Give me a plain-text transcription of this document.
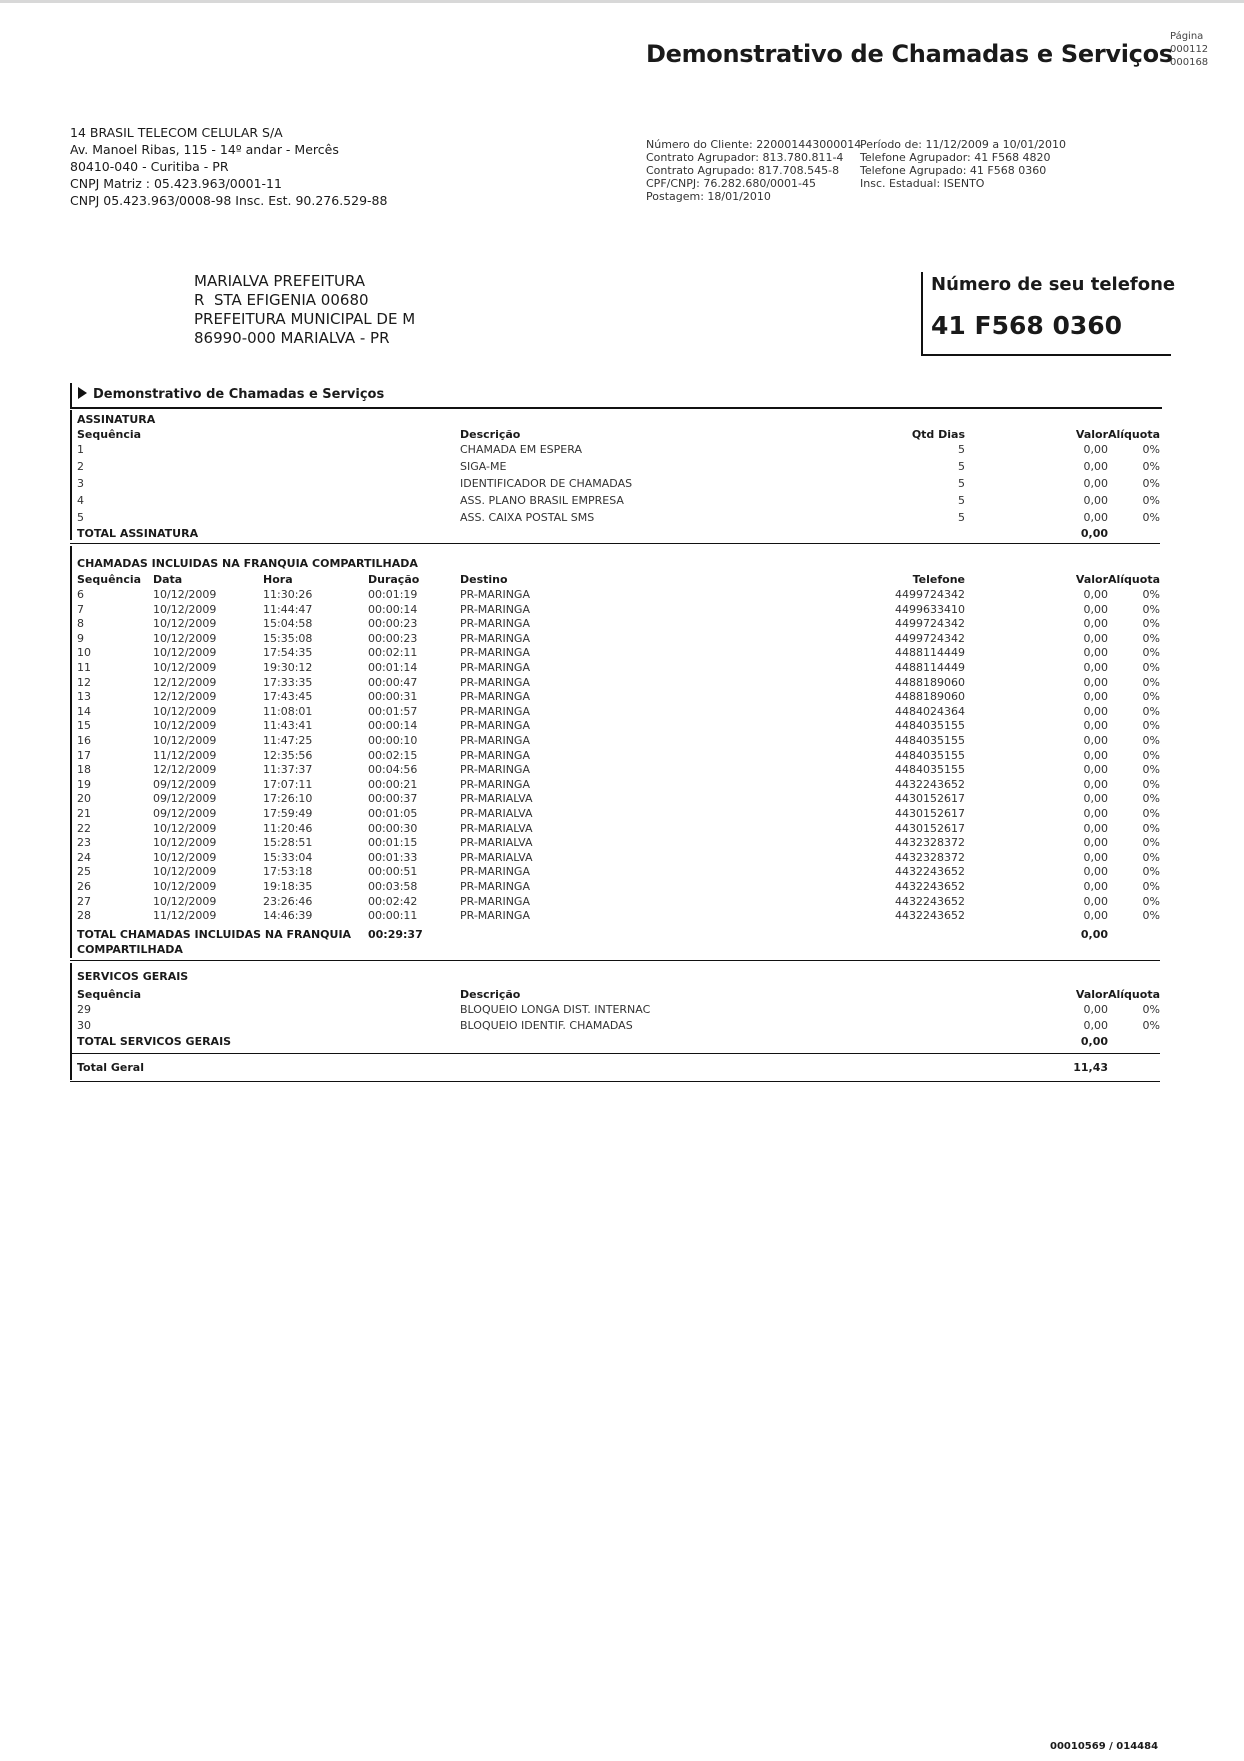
Demonstrativo de Chamadas e Serviços
Página
000112
000168
14 BRASIL TELECOM CELULAR S/A
Av. Manoel Ribas, 115 - 14º andar - Mercês
80410-040 - Curitiba - PR
CNPJ Matriz : 05.423.963/0001-11
CNPJ 05.423.963/0008-98 Insc. Est. 90.276.529-88
Número do Cliente: 220001443000014
Contrato Agrupador: 813.780.811-4
Contrato Agrupado: 817.708.545-8
CPF/CNPJ: 76.282.680/0001-45
Postagem: 18/01/2010
Período de: 11/12/2009 a 10/01/2010
Telefone Agrupador: 41 F568 4820
Telefone Agrupado: 41 F568 0360
Insc. Estadual: ISENTO
MARIALVA PREFEITURA
R  STA EFIGENIA 00680
PREFEITURA MUNICIPAL DE M
86990-000 MARIALVA - PR
Número de seu telefone
41 F568 0360
Demonstrativo de Chamadas e Serviços
ASSINATURA
Sequência	Descrição	Qtd Dias	Valor Alíquota
1	CHAMADA EM ESPERA	5	0,00	0%
2	SIGA-ME	5	0,00	0%
3	IDENTIFICADOR DE CHAMADAS	5	0,00	0%
4	ASS. PLANO BRASIL EMPRESA	5	0,00	0%
5	ASS. CAIXA POSTAL SMS	5	0,00	0%
TOTAL ASSINATURA	0,00
CHAMADAS INCLUIDAS NA FRANQUIA COMPARTILHADA
Sequência Data	Hora	Duração	Destino	Telefone	Valor Alíquota
6	10/12/2009	11:30:26	00:01:19	PR-MARINGA	4499724342	0,00	0%
7	10/12/2009	11:44:47	00:00:14	PR-MARINGA	4499633410	0,00	0%
8	10/12/2009	15:04:58	00:00:23	PR-MARINGA	4499724342	0,00	0%
9	10/12/2009	15:35:08	00:00:23	PR-MARINGA	4499724342	0,00	0%
10	10/12/2009	17:54:35	00:02:11	PR-MARINGA	4488114449	0,00	0%
11	10/12/2009	19:30:12	00:01:14	PR-MARINGA	4488114449	0,00	0%
12	12/12/2009	17:33:35	00:00:47	PR-MARINGA	4488189060	0,00	0%
13	12/12/2009	17:43:45	00:00:31	PR-MARINGA	4488189060	0,00	0%
14	10/12/2009	11:08:01	00:01:57	PR-MARINGA	4484024364	0,00	0%
15	10/12/2009	11:43:41	00:00:14	PR-MARINGA	4484035155	0,00	0%
16	10/12/2009	11:47:25	00:00:10	PR-MARINGA	4484035155	0,00	0%
17	11/12/2009	12:35:56	00:02:15	PR-MARINGA	4484035155	0,00	0%
18	12/12/2009	11:37:37	00:04:56	PR-MARINGA	4484035155	0,00	0%
19	09/12/2009	17:07:11	00:00:21	PR-MARINGA	4432243652	0,00	0%
20	09/12/2009	17:26:10	00:00:37	PR-MARIALVA	4430152617	0,00	0%
21	09/12/2009	17:59:49	00:01:05	PR-MARIALVA	4430152617	0,00	0%
22	10/12/2009	11:20:46	00:00:30	PR-MARIALVA	4430152617	0,00	0%
23	10/12/2009	15:28:51	00:01:15	PR-MARIALVA	4432328372	0,00	0%
24	10/12/2009	15:33:04	00:01:33	PR-MARIALVA	4432328372	0,00	0%
25	10/12/2009	17:53:18	00:00:51	PR-MARINGA	4432243652	0,00	0%
26	10/12/2009	19:18:35	00:03:58	PR-MARINGA	4432243652	0,00	0%
27	10/12/2009	23:26:46	00:02:42	PR-MARINGA	4432243652	0,00	0%
28	11/12/2009	14:46:39	00:00:11	PR-MARINGA	4432243652	0,00	0%
TOTAL CHAMADAS INCLUIDAS NA FRANQUIA 00:29:37	0,00
COMPARTILHADA
SERVICOS GERAIS
Sequência	Descrição	Valor Alíquota
29	BLOQUEIO LONGA DIST. INTERNAC	0,00	0%
30	BLOQUEIO IDENTIF. CHAMADAS	0,00	0%
TOTAL SERVICOS GERAIS	0,00
Total Geral	11,43
00010569 / 014484
